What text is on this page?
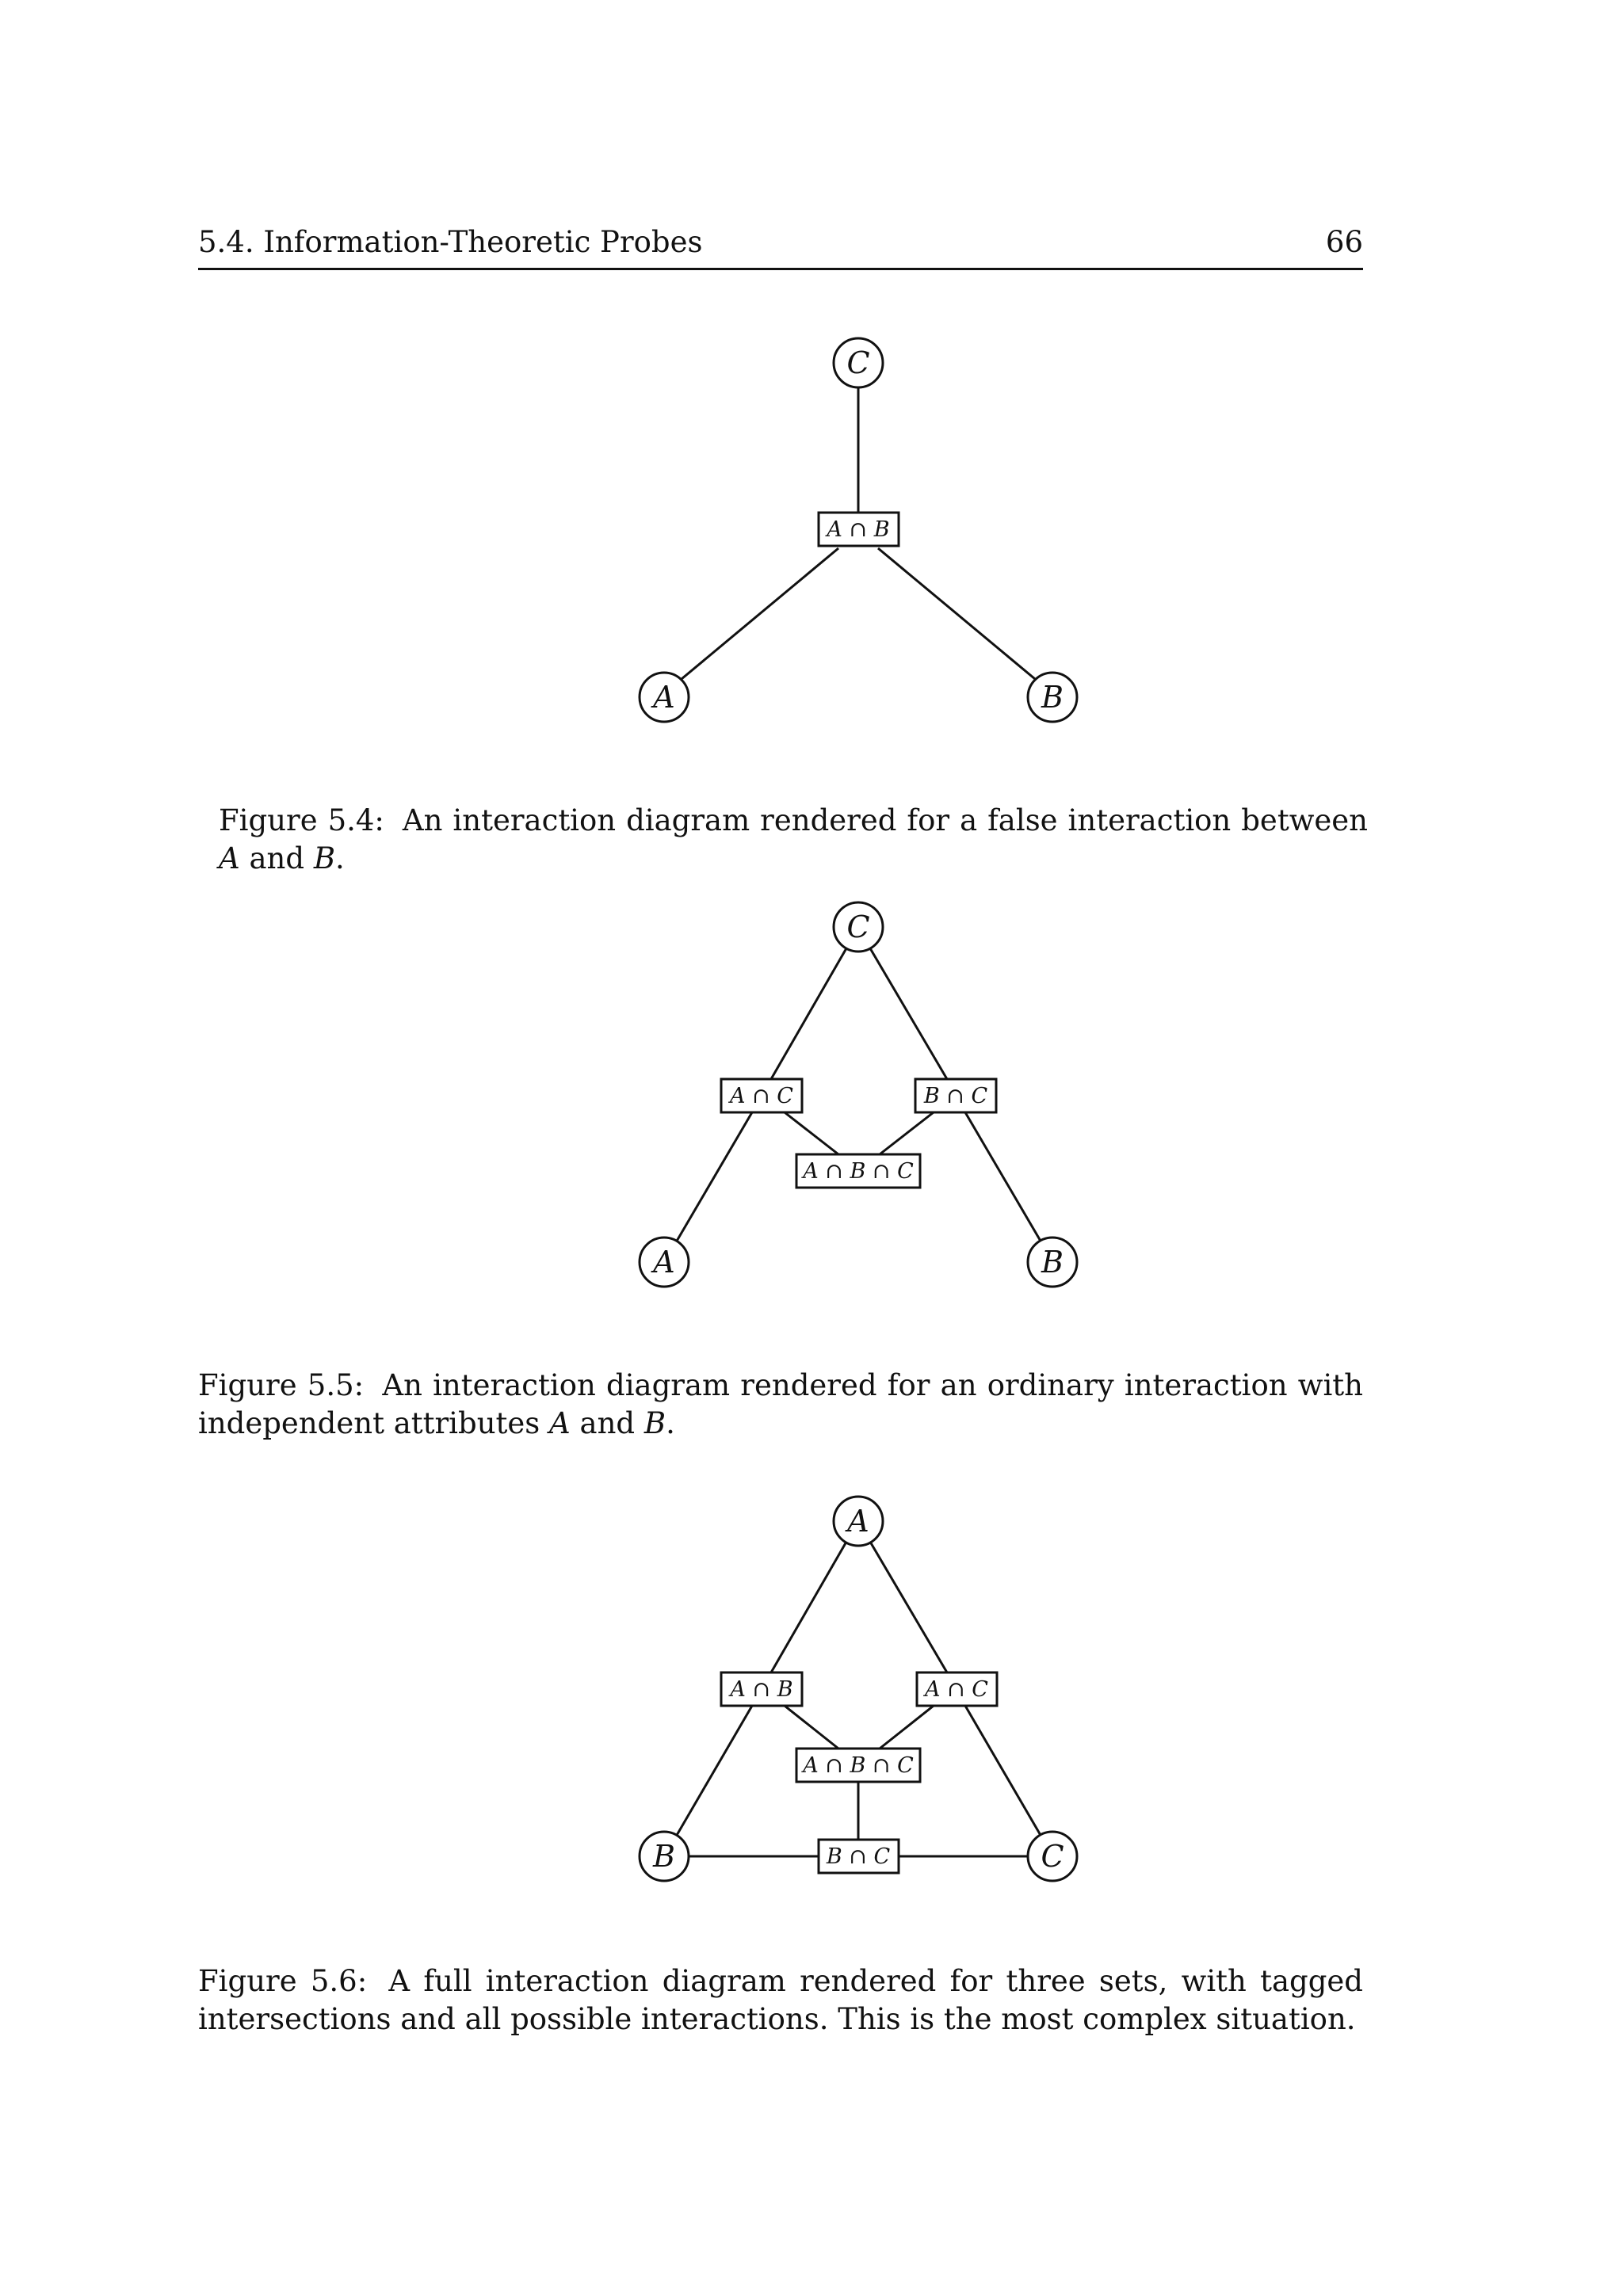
5.4. Information-Theoretic Probes	66
C
A ∩ B
A	B
Figure 5.4: An interaction diagram rendered for a false interaction between A and B.
C
A ∩ C	B ∩ C
A ∩ B ∩ C
A	B
Figure 5.5: An interaction diagram rendered for an ordinary interaction with independent attributes A and B.
A
A ∩ B	A ∩ C
A ∩ B ∩ C
B ∩ C
B	C
Figure 5.6: A full interaction diagram rendered for three sets, with tagged intersections and all possible interactions. This is the most complex situation.
